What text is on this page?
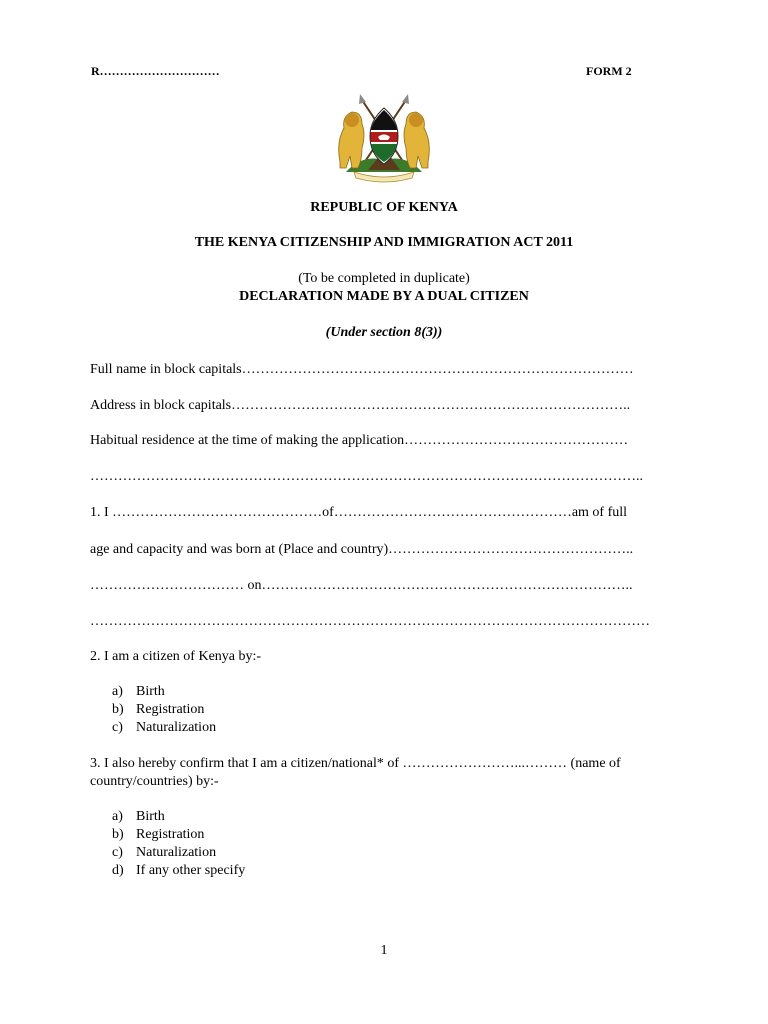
R…………………………	FORM 2
REPUBLIC OF KENYA
THE KENYA CITIZENSHIP AND IMMIGRATION ACT 2011
(To be completed in duplicate)
DECLARATION MADE BY A DUAL CITIZEN
(Under section 8(3))
Full name in block capitals…………………………………………………………………………
Address in block capitals…………………………………………………………………………..
Habitual residence at the time of making the application…………………………………………
………………………………………………………………………………………………………..
1. I ………………………………………of……………………………………………am of full
age and capacity and was born at (Place and country)……………………………………………..
…………………………… on……………………………………………………………………..
…………………………………………………………………………………………………………
2. I am a citizen of Kenya by:-
a) Birth
b) Registration
c) Naturalization
3. I also hereby confirm that I am a citizen/national* of ……………………...……… (name of
country/countries) by:-
a) Birth
b) Registration
c) Naturalization
d) If any other specify
1
